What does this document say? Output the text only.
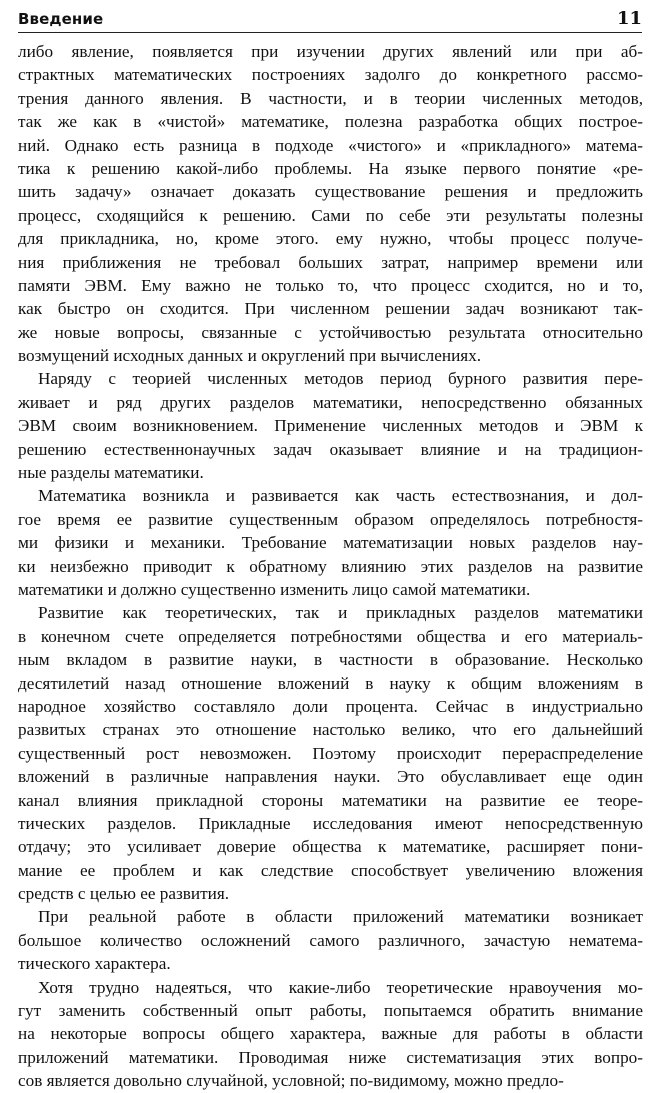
Введение	11
либо явление, появляется при изучении других явлений или при аб-
страктных математических построениях задолго до конкретного рассмо-
трения данного явления. В частности, и в теории численных методов,
так же как в «чистой» математике, полезна разработка общих построе-
ний. Однако есть разница в подходе «чистого» и «прикладного» матема-
тика к решению какой-либо проблемы. На языке первого понятие «ре-
шить задачу» означает доказать существование решения и предложить
процесс, сходящийся к решению. Сами по себе эти результаты полезны
для прикладника, но, кроме этого. ему нужно, чтобы процесс получе-
ния приближения не требовал больших затрат, например времени или
памяти ЭВМ. Ему важно не только то, что процесс сходится, но и то,
как быстро он сходится. При численном решении задач возникают так-
же новые вопросы, связанные с устойчивостью результата относительно
возмущений исходных данных и округлений при вычислениях.
Наряду с теорией численных методов период бурного развития пере-
живает и ряд других разделов математики, непосредственно обязанных
ЭВМ своим возникновением. Применение численных методов и ЭВМ к
решению естественнонаучных задач оказывает влияние и на традицион-
ные разделы математики.
Математика возникла и развивается как часть естествознания, и дол-
гое время ее развитие существенным образом определялось потребностя-
ми физики и механики. Требование математизации новых разделов нау-
ки неизбежно приводит к обратному влиянию этих разделов на развитие
математики и должно существенно изменить лицо самой математики.
Развитие как теоретических, так и прикладных разделов математики
в конечном счете определяется потребностями общества и его материаль-
ным вкладом в развитие науки, в частности в образование. Несколько
десятилетий назад отношение вложений в науку к общим вложениям в
народное хозяйство составляло доли процента. Сейчас в индустриально
развитых странах это отношение настолько велико, что его дальнейший
существенный рост невозможен. Поэтому происходит перераспределение
вложений в различные направления науки. Это обуславливает еще один
канал влияния прикладной стороны математики на развитие ее теоре-
тических разделов. Прикладные исследования имеют непосредственную
отдачу; это усиливает доверие общества к математике, расширяет пони-
мание ее проблем и как следствие способствует увеличению вложения
средств с целью ее развития.
При реальной работе в области приложений математики возникает
большое количество осложнений самого различного, зачастую нематема-
тического характера.
Хотя трудно надеяться, что какие-либо теоретические нравоучения мо-
гут заменить собственный опыт работы, попытаемся обратить внимание
на некоторые вопросы общего характера, важные для работы в области
приложений математики. Проводимая ниже систематизация этих вопро-
сов является довольно случайной, условной; по-видимому, можно предло-
